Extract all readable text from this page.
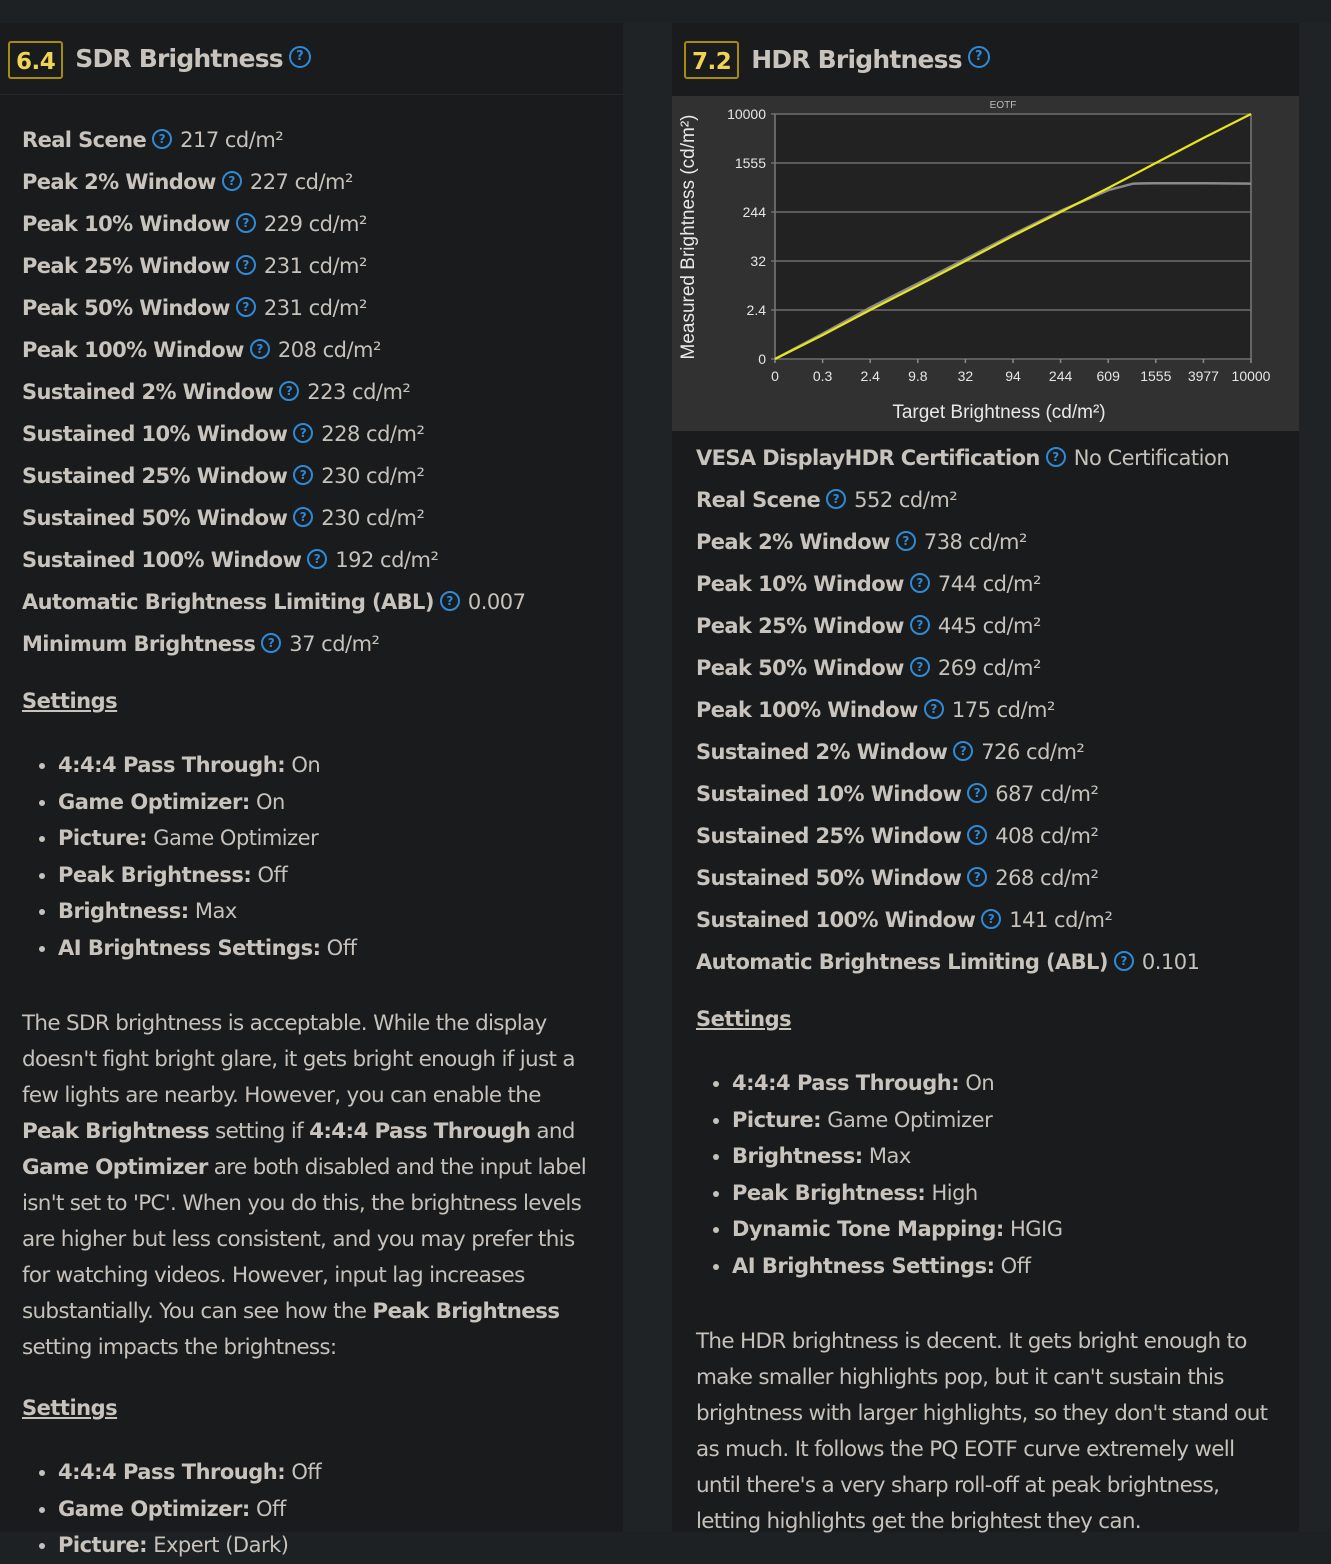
6.4 SDR Brightness	?
Real Scene ? 217 cd/m²
Peak 2% Window ? 227 cd/m²
Peak 10% Window ? 229 cd/m²
Peak 25% Window ? 231 cd/m²
Peak 50% Window ? 231 cd/m²
Peak 100% Window ? 208 cd/m²
Sustained 2% Window ? 223 cd/m²
Sustained 10% Window ? 228 cd/m²
Sustained 25% Window ? 230 cd/m²
Sustained 50% Window ? 230 cd/m²
Sustained 100% Window ? 192 cd/m²
Automatic Brightness Limiting (ABL) ? 0.007
Minimum Brightness ? 37 cd/m²
Settings
• 4:4:4 Pass Through: On
• Game Optimizer: On
• Picture: Game Optimizer
• Peak Brightness: Off
• Brightness: Max
• AI Brightness Settings: Off

The SDR brightness is acceptable. While the display doesn't fight bright glare, it gets bright enough if just a few lights are nearby. However, you can enable the Peak Brightness setting if 4:4:4 Pass Through and Game Optimizer are both disabled and the input label isn't set to 'PC'. When you do this, the brightness levels are higher but less consistent, and you may prefer this for watching videos. However, input lag increases substantially. You can see how the Peak Brightness setting impacts the brightness:

Settings
• 4:4:4 Pass Through: Off
• Game Optimizer: Off
• Picture: Expert (Dark)
7.2 HDR Brightness	?
EOTF
0
2.4
32
244
1555
10000
0 0.3 2.4 9.8 32 94 244 609 1555 3977 10000
Target Brightness (cd/m²)
Measured Brightness (cd/m²)
VESA DisplayHDR Certification ? No Certification
Real Scene ? 552 cd/m²
Peak 2% Window ? 738 cd/m²
Peak 10% Window ? 744 cd/m²
Peak 25% Window ? 445 cd/m²
Peak 50% Window ? 269 cd/m²
Peak 100% Window ? 175 cd/m²
Sustained 2% Window ? 726 cd/m²
Sustained 10% Window ? 687 cd/m²
Sustained 25% Window ? 408 cd/m²
Sustained 50% Window ? 268 cd/m²
Sustained 100% Window ? 141 cd/m²
Automatic Brightness Limiting (ABL) ? 0.101
Settings
• 4:4:4 Pass Through: On
• Picture: Game Optimizer
• Brightness: Max
• Peak Brightness: High
• Dynamic Tone Mapping: HGIG
• AI Brightness Settings: Off

The HDR brightness is decent. It gets bright enough to make smaller highlights pop, but it can't sustain this brightness with larger highlights, so they don't stand out as much. It follows the PQ EOTF curve extremely well until there's a very sharp roll-off at peak brightness, letting highlights get the brightest they can.
